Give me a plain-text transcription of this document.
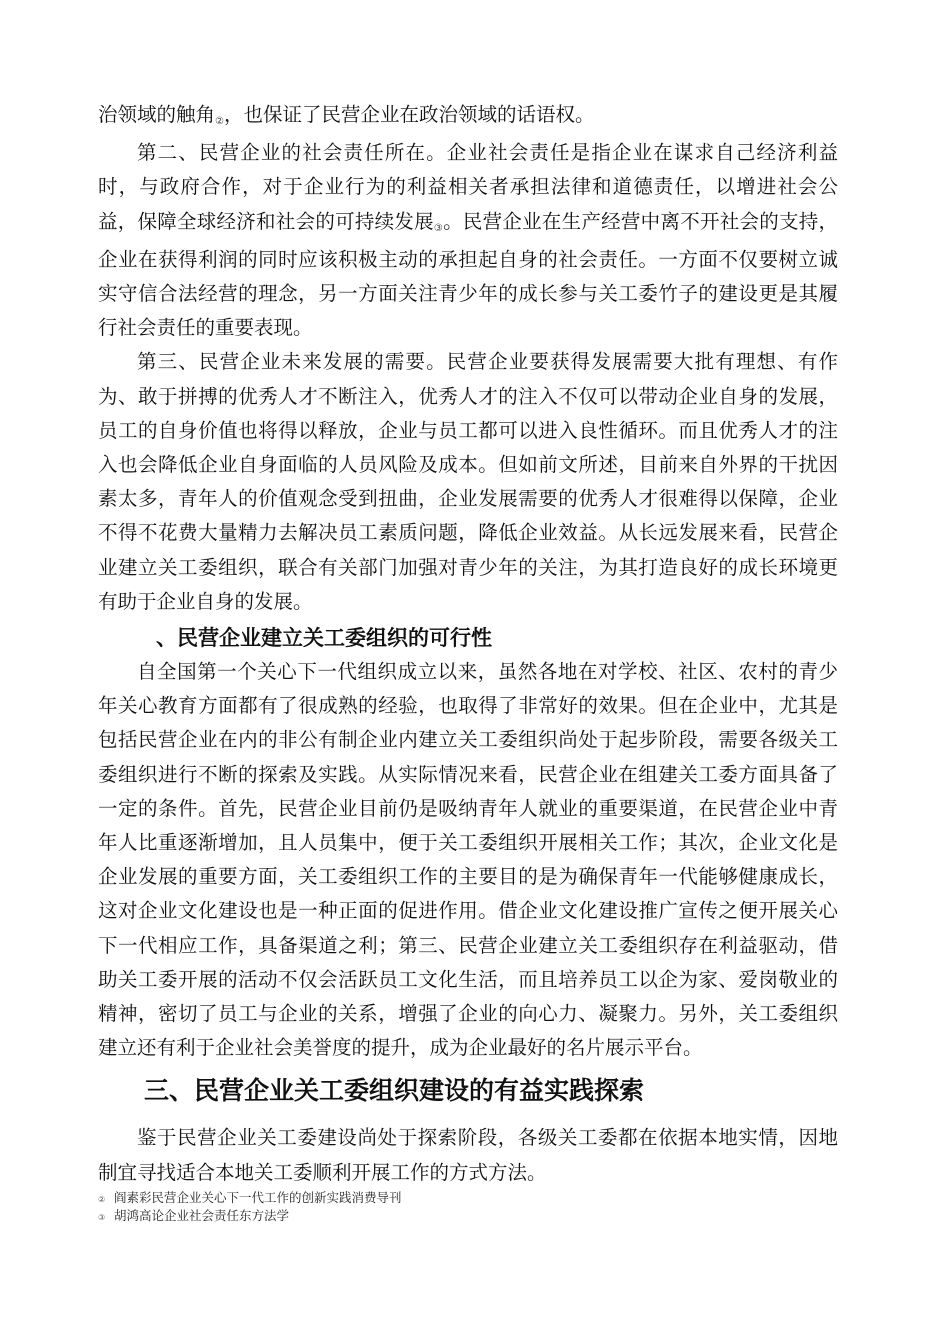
治领域的触角②，也保证了民营企业在政治领域的话语权。

第二、民营企业的社会责任所在。企业社会责任是指企业在谋求自己经济利益时，与政府合作，对于企业行为的利益相关者承担法律和道德责任，以增进社会公益，保障全球经济和社会的可持续发展③。民营企业在生产经营中离不开社会的支持，企业在获得利润的同时应该积极主动的承担起自身的社会责任。一方面不仅要树立诚实守信合法经营的理念，另一方面关注青少年的成长参与关工委竹子的建设更是其履行社会责任的重要表现。

第三、民营企业未来发展的需要。民营企业要获得发展需要大批有理想、有作为、敢于拼搏的优秀人才不断注入，优秀人才的注入不仅可以带动企业自身的发展，员工的自身价值也将得以释放，企业与员工都可以进入良性循环。而且优秀人才的注入也会降低企业自身面临的人员风险及成本。但如前文所述，目前来自外界的干扰因素太多，青年人的价值观念受到扭曲，企业发展需要的优秀人才很难得以保障，企业不得不花费大量精力去解决员工素质问题，降低企业效益。从长远发展来看，民营企业建立关工委组织，联合有关部门加强对青少年的关注，为其打造良好的成长环境更有助于企业自身的发展。

、民营企业建立关工委组织的可行性

自全国第一个关心下一代组织成立以来，虽然各地在对学校、社区、农村的青少年关心教育方面都有了很成熟的经验，也取得了非常好的效果。但在企业中，尤其是包括民营企业在内的非公有制企业内建立关工委组织尚处于起步阶段，需要各级关工委组织进行不断的探索及实践。从实际情况来看，民营企业在组建关工委方面具备了一定的条件。首先，民营企业目前仍是吸纳青年人就业的重要渠道，在民营企业中青年人比重逐渐增加，且人员集中，便于关工委组织开展相关工作；其次，企业文化是企业发展的重要方面，关工委组织工作的主要目的是为确保青年一代能够健康成长，这对企业文化建设也是一种正面的促进作用。借企业文化建设推广宣传之便开展关心下一代相应工作，具备渠道之利；第三、民营企业建立关工委组织存在利益驱动，借助关工委开展的活动不仅会活跃员工文化生活，而且培养员工以企为家、爱岗敬业的精神，密切了员工与企业的关系，增强了企业的向心力、凝聚力。另外，关工委组织建立还有利于企业社会美誉度的提升，成为企业最好的名片展示平台。

三、民营企业关工委组织建设的有益实践探索

鉴于民营企业关工委建设尚处于探索阶段，各级关工委都在依据本地实情，因地制宜寻找适合本地关工委顺利开展工作的方式方法。

② 阎素彩民营企业关心下一代工作的创新实践消费导刊
③ 胡鸿高论企业社会责任东方法学
